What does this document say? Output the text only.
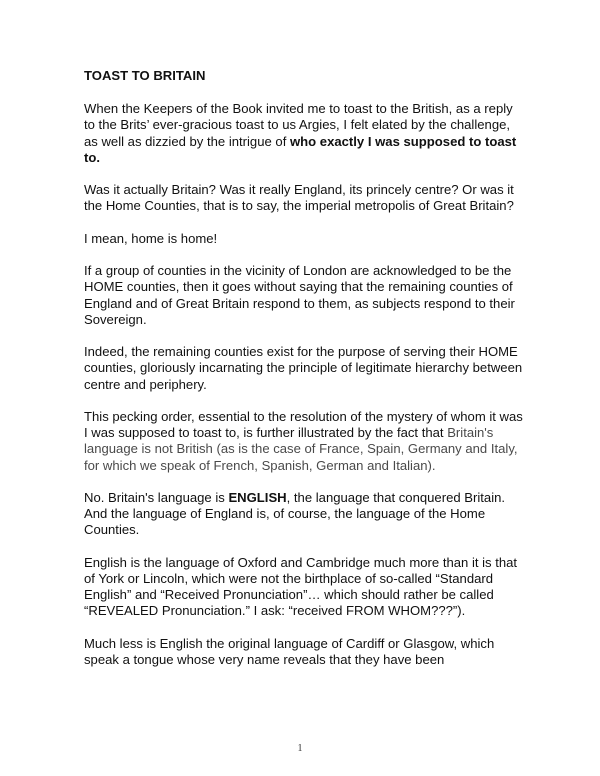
TOAST TO BRITAIN

When the Keepers of the Book invited me to toast to the British, as a reply to the Brits’ ever-gracious toast to us Argies, I felt elated by the challenge, as well as dizzied by the intrigue of who exactly I was supposed to toast to.

Was it actually Britain? Was it really England, its princely centre? Or was it the Home Counties, that is to say, the imperial metropolis of Great Britain?

I mean, home is home!

If a group of counties in the vicinity of London are acknowledged to be the HOME counties, then it goes without saying that the remaining counties of England and of Great Britain respond to them, as subjects respond to their Sovereign.

Indeed, the remaining counties exist for the purpose of serving their HOME counties, gloriously incarnating the principle of legitimate hierarchy between centre and periphery.

This pecking order, essential to the resolution of the mystery of whom it was I was supposed to toast to, is further illustrated by the fact that Britain's language is not British (as is the case of France, Spain, Germany and Italy, for which we speak of French, Spanish, German and Italian).

No. Britain's language is ENGLISH, the language that conquered Britain. And the language of England is, of course, the language of the Home Counties.

English is the language of Oxford and Cambridge much more than it is that of York or Lincoln, which were not the birthplace of so-called “Standard English” and “Received Pronunciation”… which should rather be called “REVEALED Pronunciation.” I ask: “received FROM WHOM???”).

Much less is English the original language of Cardiff or Glasgow, which speak a tongue whose very name reveals that they have been

1
